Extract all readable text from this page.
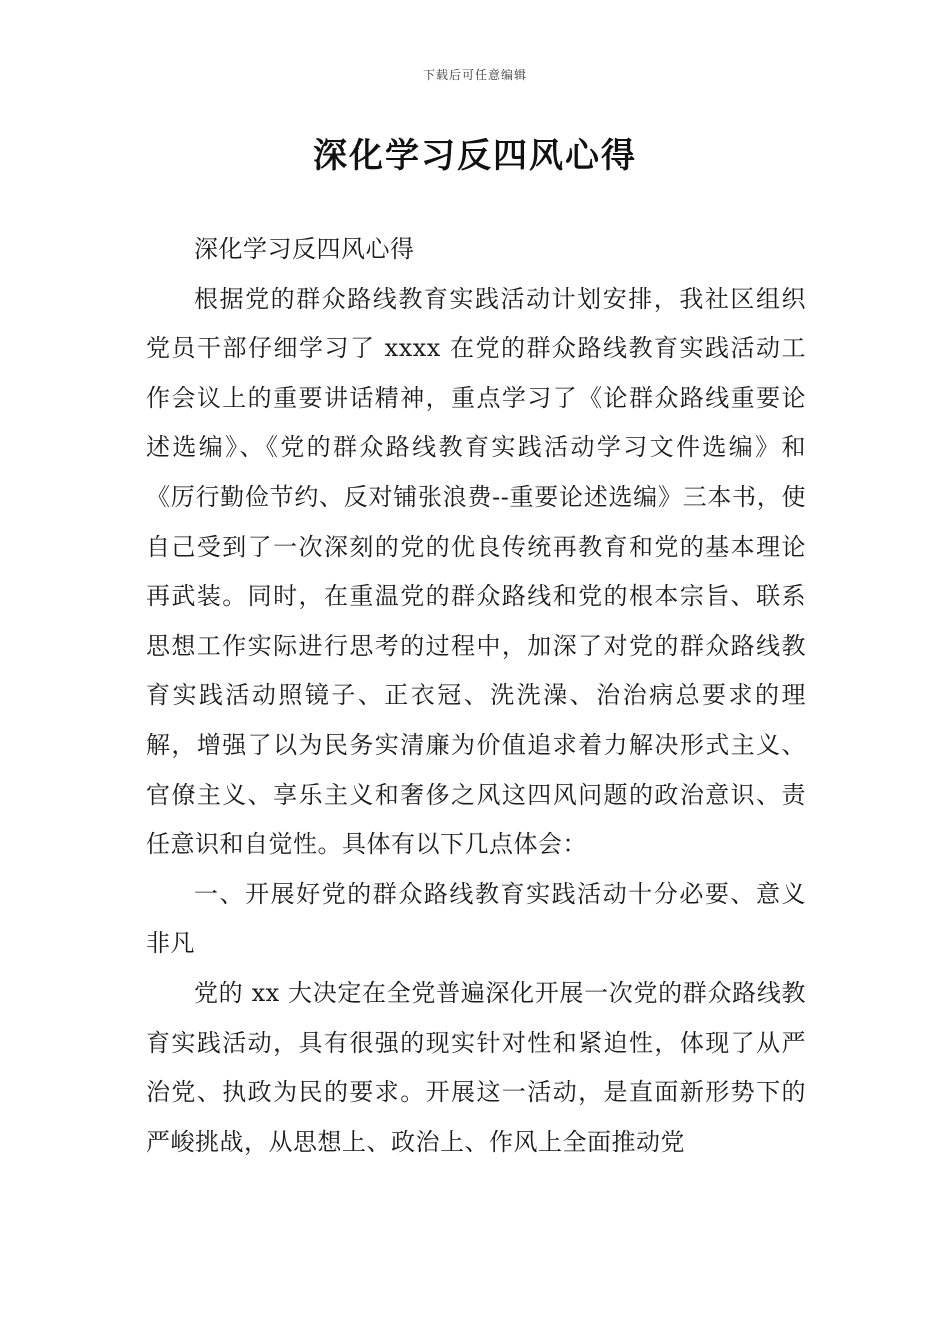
下载后可任意编辑
深化学习反四风心得

深化学习反四风心得

根据党的群众路线教育实践活动计划安排，我社区组织党员干部仔细学习了 xxxx 在党的群众路线教育实践活动工作会议上的重要讲话精神，重点学习了《论群众路线重要论述选编》、《党的群众路线教育实践活动学习文件选编》和《厉行勤俭节约、反对铺张浪费--重要论述选编》三本书，使自己受到了一次深刻的党的优良传统再教育和党的基本理论再武装。同时，在重温党的群众路线和党的根本宗旨、联系思想工作实际进行思考的过程中，加深了对党的群众路线教育实践活动照镜子、正衣冠、洗洗澡、治治病总要求的理解，增强了以为民务实清廉为价值追求着力解决形式主义、官僚主义、享乐主义和奢侈之风这四风问题的政治意识、责任意识和自觉性。具体有以下几点体会：

一、开展好党的群众路线教育实践活动十分必要、意义非凡

党的 xx 大决定在全党普遍深化开展一次党的群众路线教育实践活动，具有很强的现实针对性和紧迫性，体现了从严治党、执政为民的要求。开展这一活动，是直面新形势下的严峻挑战，从思想上、政治上、作风上全面推动党
